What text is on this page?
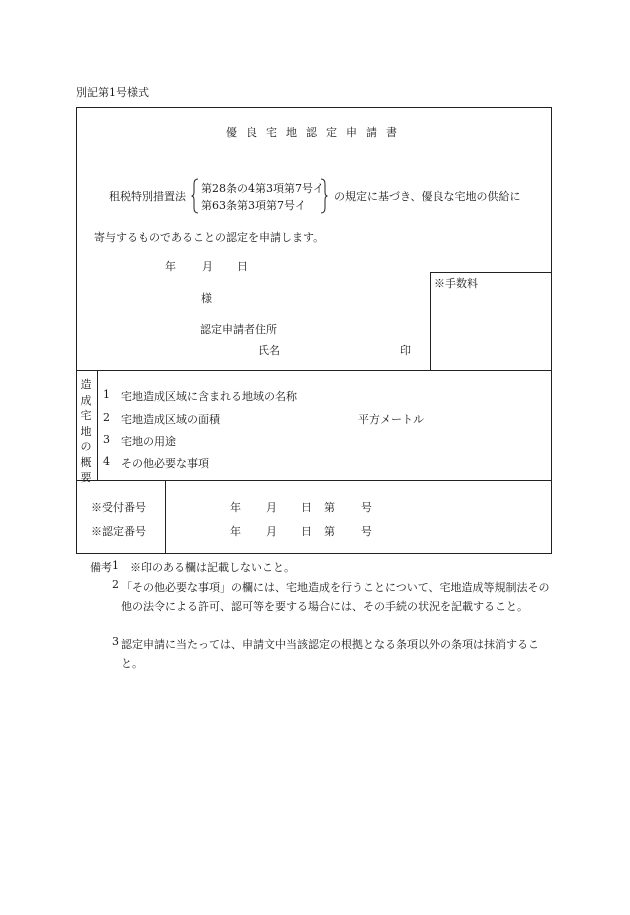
別記第1号様式
優良宅地認定申請書
租税特別措置法
第28条の4第3項第7号イ
第63条第3項第7号イ
の規定に基づき、優良な宅地の供給に
寄与するものであることの認定を申請します。
年 月 日
様
認定申請者住所
氏名	印
※手数料
造
成
宅
地
の
概
要
1 宅地造成区域に含まれる地域の名称
2 宅地造成区域の面積	平方メートル
3 宅地の用途
4 その他必要な事項
※受付番号	年 月 日 第 号
※認定番号	年 月 日 第 号
備考 1 ※印のある欄は記載しないこと。
2 「その他必要な事項」の欄には、宅地造成を行うことについて、宅地造成等規制法その他の法令による許可、認可等を要する場合には、その手続の状況を記載すること。
3 認定申請に当たっては、申請文中当該認定の根拠となる条項以外の条項は抹消すること。
